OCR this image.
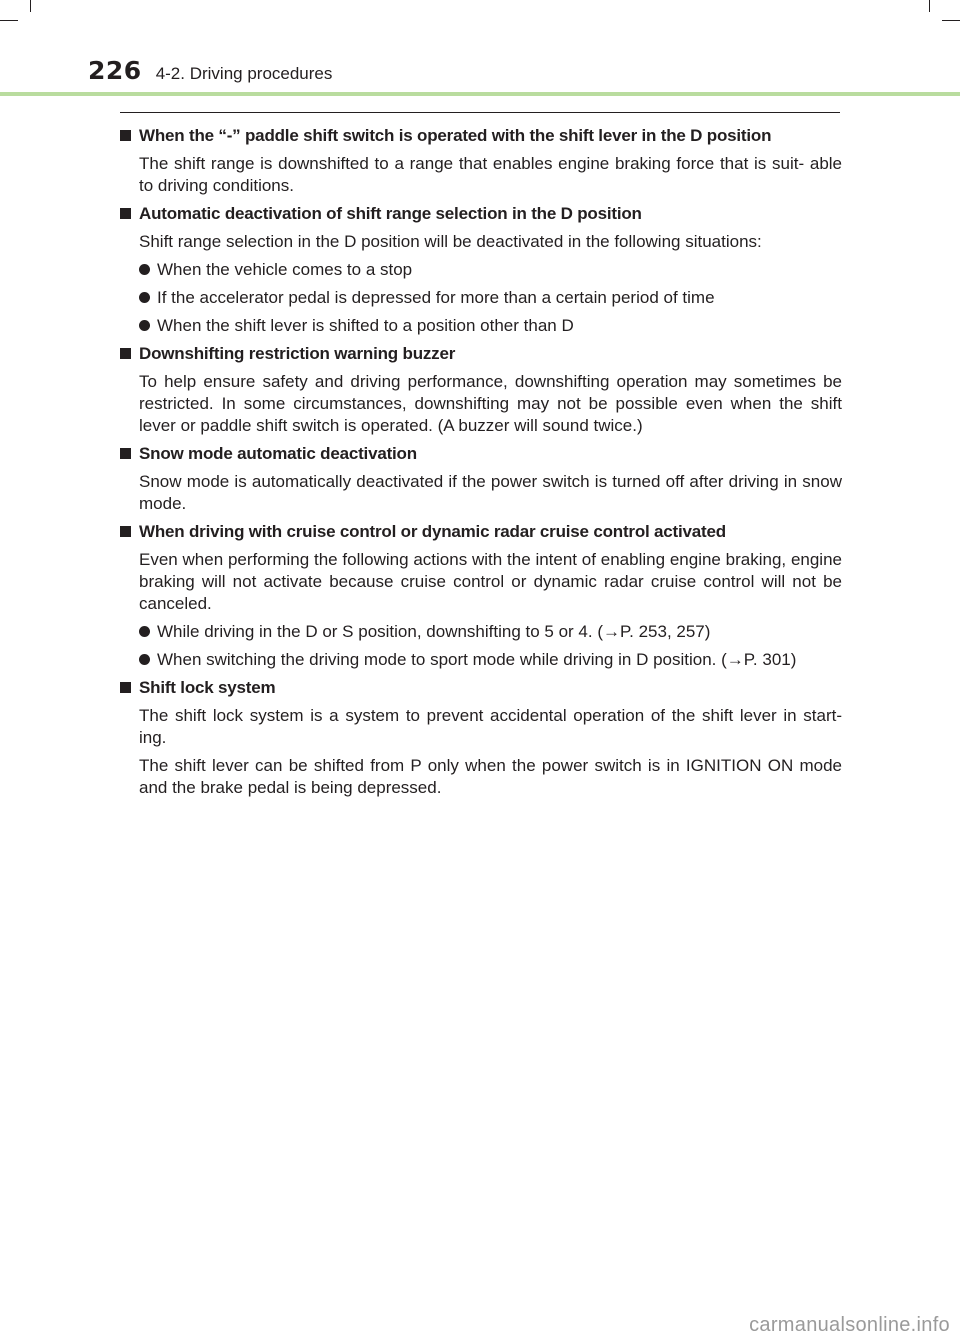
226 4-2. Driving procedures
When the “-” paddle shift switch is operated with the shift lever in the D position
The shift range is downshifted to a range that enables engine braking force that is suit- able to driving conditions.
Automatic deactivation of shift range selection in the D position
Shift range selection in the D position will be deactivated in the following situations:
When the vehicle comes to a stop
If the accelerator pedal is depressed for more than a certain period of time
When the shift lever is shifted to a position other than D
Downshifting restriction warning buzzer
To help ensure safety and driving performance, downshifting operation may sometimes be restricted. In some circumstances, downshifting may not be possible even when the shift lever or paddle shift switch is operated. (A buzzer will sound twice.)
Snow mode automatic deactivation
Snow mode is automatically deactivated if the power switch is turned off after driving in snow mode.
When driving with cruise control or dynamic radar cruise control activated
Even when performing the following actions with the intent of enabling engine braking, engine braking will not activate because cruise control or dynamic radar cruise control will not be canceled.
While driving in the D or S position, downshifting to 5 or 4. (→P. 253, 257)
When switching the driving mode to sport mode while driving in D position. (→P. 301)
Shift lock system
The shift lock system is a system to prevent accidental operation of the shift lever in start- ing.
The shift lever can be shifted from P only when the power switch is in IGNITION ON mode and the brake pedal is being depressed.
carmanualsonline.info
